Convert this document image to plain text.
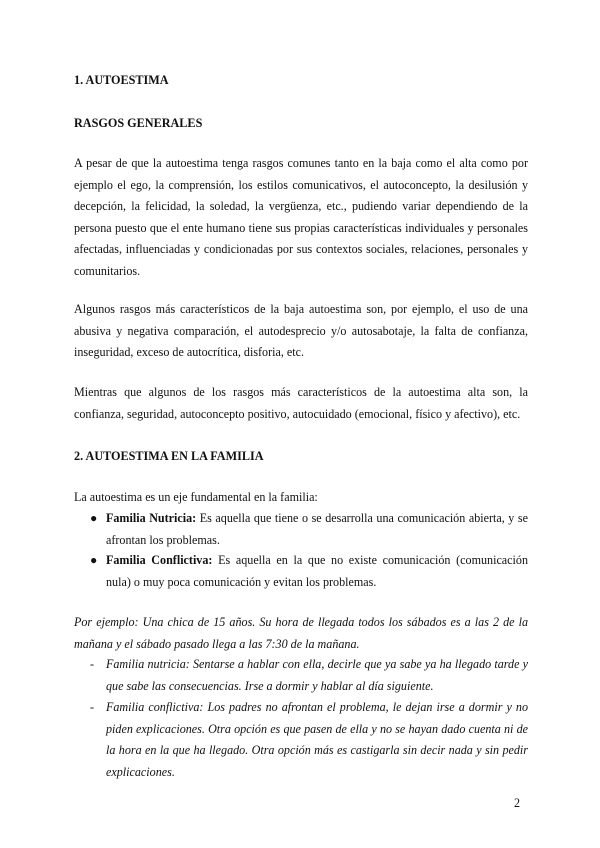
1. AUTOESTIMA
RASGOS GENERALES

A pesar de que la autoestima tenga rasgos comunes tanto en la baja como el alta como por ejemplo el ego, la comprensión, los estilos comunicativos, el autoconcepto, la desilusión y decepción, la felicidad, la soledad, la vergüenza, etc., pudiendo variar dependiendo de la persona puesto que el ente humano tiene sus propias características individuales y personales afectadas, influenciadas y condicionadas por sus contextos sociales, relaciones, personales y comunitarios.

Algunos rasgos más característicos de la baja autoestima son, por ejemplo, el uso de una abusiva y negativa comparación, el autodesprecio y/o autosabotaje, la falta de confianza, inseguridad, exceso de autocrítica, disforia, etc.

Mientras que algunos de los rasgos más característicos de la autoestima alta son, la confianza, seguridad, autoconcepto positivo, autocuidado (emocional, físico y afectivo), etc.

2. AUTOESTIMA EN LA FAMILIA

La autoestima es un eje fundamental en la familia:

● Familia Nutricia: Es aquella que tiene o se desarrolla una comunicación abierta, y se afrontan los problemas.
● Familia Conflictiva: Es aquella en la que no existe comunicación (comunicación nula) o muy poca comunicación y evitan los problemas.

Por ejemplo: Una chica de 15 años. Su hora de llegada todos los sábados es a las 2 de la mañana y el sábado pasado llega a las 7:30 de la mañana.

- Familia nutricia: Sentarse a hablar con ella, decirle que ya sabe ya ha llegado tarde y que sabe las consecuencias. Irse a dormir y hablar al día siguiente.
- Familia conflictiva: Los padres no afrontan el problema, le dejan irse a dormir y no piden explicaciones. Otra opción es que pasen de ella y no se hayan dado cuenta ni de la hora en la que ha llegado. Otra opción más es castigarla sin decir nada y sin pedir explicaciones.

2
